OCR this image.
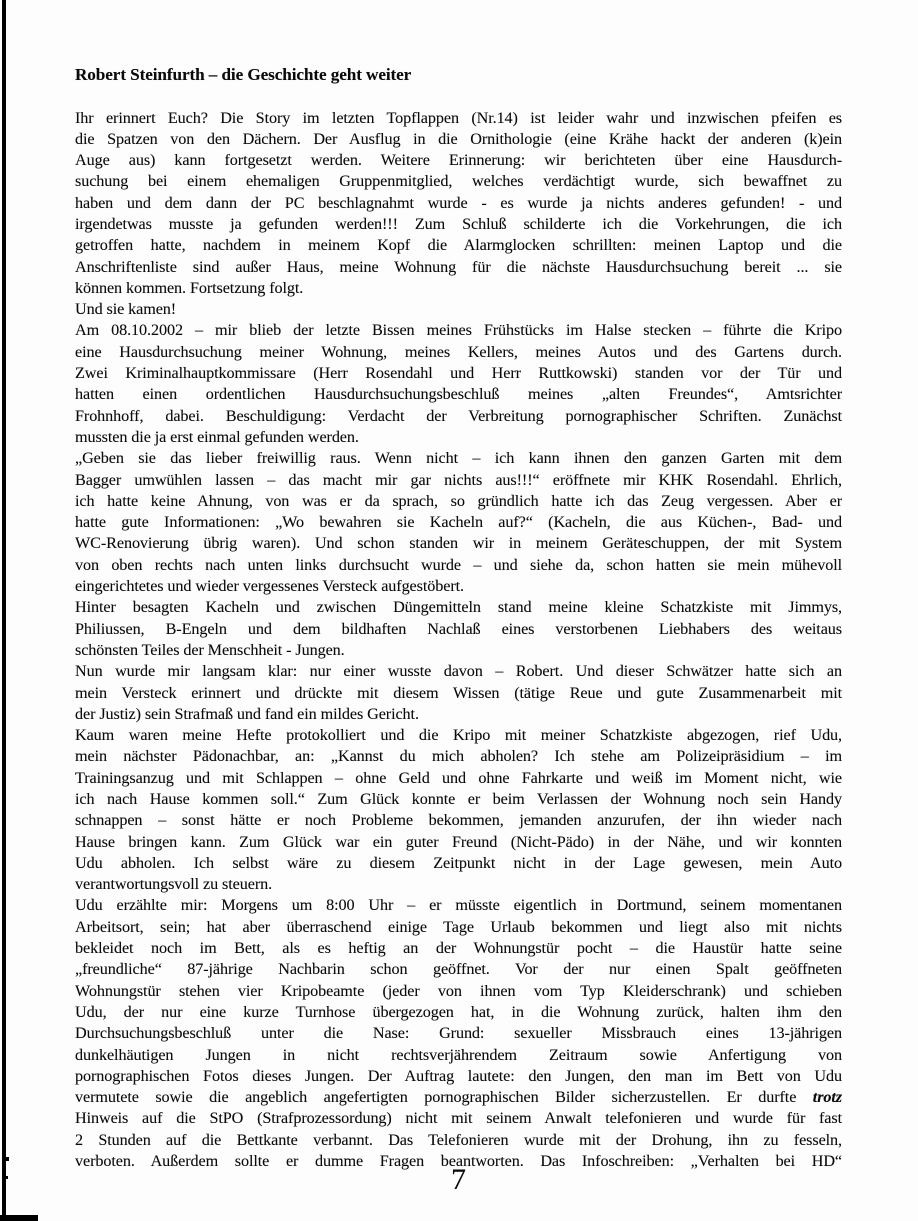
Robert Steinfurth – die Geschichte geht weiter
Ihr erinnert Euch? Die Story im letzten Topflappen (Nr.14) ist leider wahr und inzwischen pfeifen es
die Spatzen von den Dächern. Der Ausflug in die Ornithologie (eine Krähe hackt der anderen (k)ein
Auge aus) kann fortgesetzt werden. Weitere Erinnerung: wir berichteten über eine Hausdurch-
suchung bei einem ehemaligen Gruppenmitglied, welches verdächtigt wurde, sich bewaffnet zu
haben und dem dann der PC beschlagnahmt wurde - es wurde ja nichts anderes gefunden! - und
irgendetwas musste ja gefunden werden!!! Zum Schluß schilderte ich die Vorkehrungen, die ich
getroffen hatte, nachdem in meinem Kopf die Alarmglocken schrillten: meinen Laptop und die
Anschriftenliste sind außer Haus, meine Wohnung für die nächste Hausdurchsuchung bereit ... sie
können kommen. Fortsetzung folgt.
Und sie kamen!
Am 08.10.2002 – mir blieb der letzte Bissen meines Frühstücks im Halse stecken – führte die Kripo
eine Hausdurchsuchung meiner Wohnung, meines Kellers, meines Autos und des Gartens durch.
Zwei Kriminalhauptkommissare (Herr Rosendahl und Herr Ruttkowski) standen vor der Tür und
hatten einen ordentlichen Hausdurchsuchungsbeschluß meines „alten Freundes“, Amtsrichter
Frohnhoff, dabei. Beschuldigung: Verdacht der Verbreitung pornographischer Schriften. Zunächst
mussten die ja erst einmal gefunden werden.
„Geben sie das lieber freiwillig raus. Wenn nicht – ich kann ihnen den ganzen Garten mit dem
Bagger umwühlen lassen – das macht mir gar nichts aus!!!“ eröffnete mir KHK Rosendahl. Ehrlich,
ich hatte keine Ahnung, von was er da sprach, so gründlich hatte ich das Zeug vergessen. Aber er
hatte gute Informationen: „Wo bewahren sie Kacheln auf?“ (Kacheln, die aus Küchen-, Bad- und
WC-Renovierung übrig waren). Und schon standen wir in meinem Geräteschuppen, der mit System
von oben rechts nach unten links durchsucht wurde – und siehe da, schon hatten sie mein mühevoll
eingerichtetes und wieder vergessenes Versteck aufgestöbert.
Hinter besagten Kacheln und zwischen Düngemitteln stand meine kleine Schatzkiste mit Jimmys,
Philiussen, B-Engeln und dem bildhaften Nachlaß eines verstorbenen Liebhabers des weitaus
schönsten Teiles der Menschheit - Jungen.
Nun wurde mir langsam klar: nur einer wusste davon – Robert. Und dieser Schwätzer hatte sich an
mein Versteck erinnert und drückte mit diesem Wissen (tätige Reue und gute Zusammenarbeit mit
der Justiz) sein Strafmaß und fand ein mildes Gericht.
Kaum waren meine Hefte protokolliert und die Kripo mit meiner Schatzkiste abgezogen, rief Udu,
mein nächster Pädonachbar, an: „Kannst du mich abholen? Ich stehe am Polizeipräsidium – im
Trainingsanzug und mit Schlappen – ohne Geld und ohne Fahrkarte und weiß im Moment nicht, wie
ich nach Hause kommen soll.“ Zum Glück konnte er beim Verlassen der Wohnung noch sein Handy
schnappen – sonst hätte er noch Probleme bekommen, jemanden anzurufen, der ihn wieder nach
Hause bringen kann. Zum Glück war ein guter Freund (Nicht-Pädo) in der Nähe, und wir konnten
Udu abholen. Ich selbst wäre zu diesem Zeitpunkt nicht in der Lage gewesen, mein Auto
verantwortungsvoll zu steuern.
Udu erzählte mir: Morgens um 8:00 Uhr – er müsste eigentlich in Dortmund, seinem momentanen
Arbeitsort, sein; hat aber überraschend einige Tage Urlaub bekommen und liegt also mit nichts
bekleidet noch im Bett, als es heftig an der Wohnungstür pocht – die Haustür hatte seine
„freundliche“ 87-jährige Nachbarin schon geöffnet. Vor der nur einen Spalt geöffneten
Wohnungstür stehen vier Kripobeamte (jeder von ihnen vom Typ Kleiderschrank) und schieben
Udu, der nur eine kurze Turnhose übergezogen hat, in die Wohnung zurück, halten ihm den
Durchsuchungsbeschluß unter die Nase: Grund: sexueller Missbrauch eines 13-jährigen
dunkelhäutigen Jungen in nicht rechtsverjährendem Zeitraum sowie Anfertigung von
pornographischen Fotos dieses Jungen. Der Auftrag lautete: den Jungen, den man im Bett von Udu
vermutete sowie die angeblich angefertigten pornographischen Bilder sicherzustellen. Er durfte trotz
Hinweis auf die StPO (Strafprozessordung) nicht mit seinem Anwalt telefonieren und wurde für fast
2 Stunden auf die Bettkante verbannt. Das Telefonieren wurde mit der Drohung, ihn zu fesseln,
verboten. Außerdem sollte er dumme Fragen beantworten. Das Infoschreiben: „Verhalten bei HD“
7
